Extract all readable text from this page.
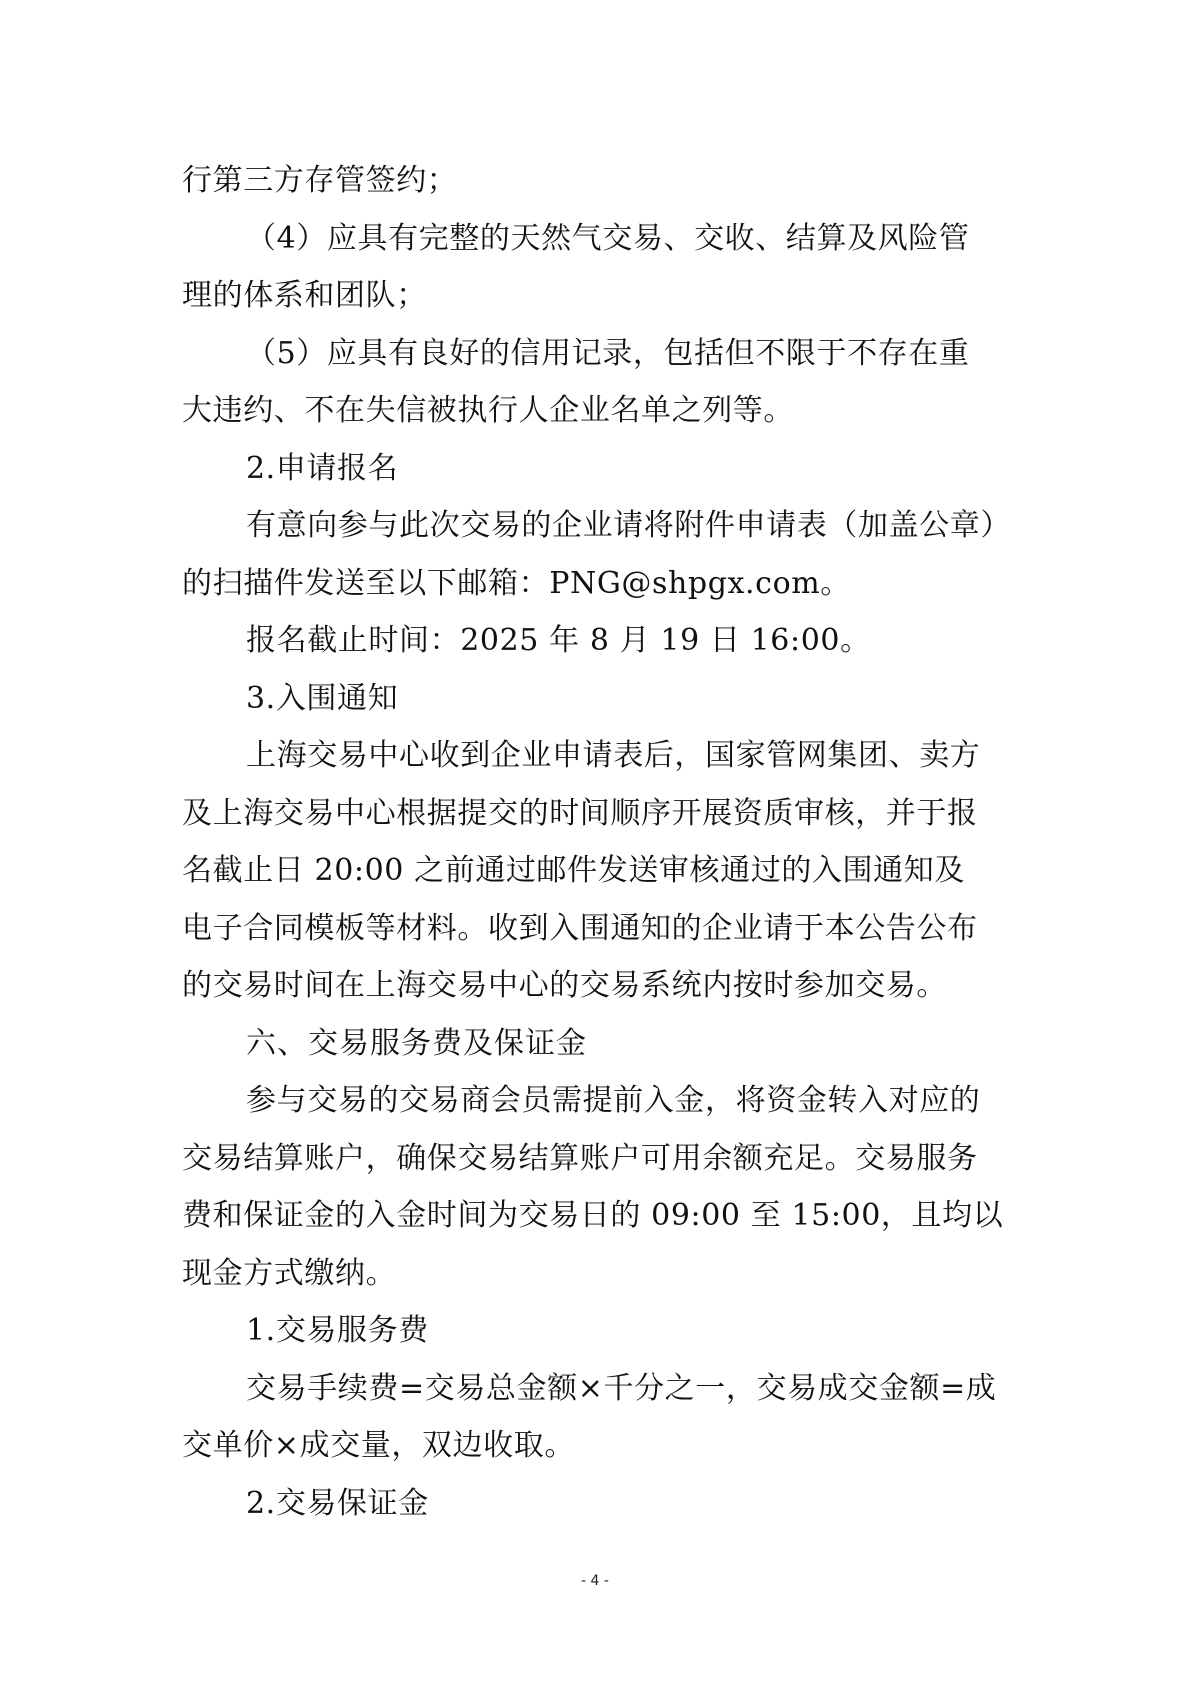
行第三方存管签约；
（4）应具有完整的天然气交易、交收、结算及风险管
理的体系和团队；
（5）应具有良好的信用记录，包括但不限于不存在重
大违约、不在失信被执行人企业名单之列等。
2.申请报名
有意向参与此次交易的企业请将附件申请表（加盖公章）
的扫描件发送至以下邮箱：PNG@shpgx.com。
报名截止时间：2025 年 8 月 19 日 16:00。
3.入围通知
上海交易中心收到企业申请表后，国家管网集团、卖方
及上海交易中心根据提交的时间顺序开展资质审核，并于报
名截止日 20:00 之前通过邮件发送审核通过的入围通知及
电子合同模板等材料。收到入围通知的企业请于本公告公布
的交易时间在上海交易中心的交易系统内按时参加交易。
六、交易服务费及保证金
参与交易的交易商会员需提前入金，将资金转入对应的
交易结算账户，确保交易结算账户可用余额充足。交易服务
费和保证金的入金时间为交易日的 09:00 至 15:00，且均以
现金方式缴纳。
1.交易服务费
交易手续费=交易总金额×千分之一，交易成交金额=成
交单价×成交量，双边收取。
2.交易保证金
- 4 -
